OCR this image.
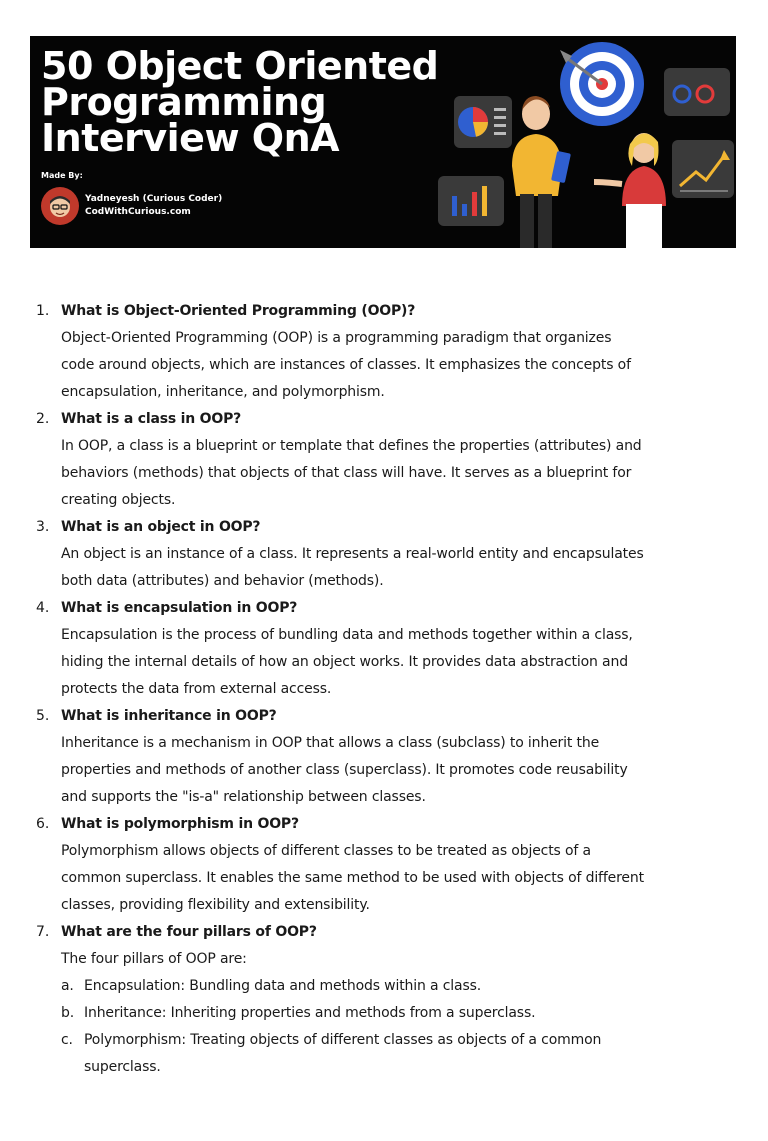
50 Object Oriented
Programming
Interview QnA
Made By:
Yadneyesh (Curious Coder)
CodWithCurious.com
1. What is Object-Oriented Programming (OOP)?
Object-Oriented Programming (OOP) is a programming paradigm that organizes
code around objects, which are instances of classes. It emphasizes the concepts of
encapsulation, inheritance, and polymorphism.
2. What is a class in OOP?
In OOP, a class is a blueprint or template that defines the properties (attributes) and
behaviors (methods) that objects of that class will have. It serves as a blueprint for
creating objects.
3. What is an object in OOP?
An object is an instance of a class. It represents a real-world entity and encapsulates
both data (attributes) and behavior (methods).
4. What is encapsulation in OOP?
Encapsulation is the process of bundling data and methods together within a class,
hiding the internal details of how an object works. It provides data abstraction and
protects the data from external access.
5. What is inheritance in OOP?
Inheritance is a mechanism in OOP that allows a class (subclass) to inherit the
properties and methods of another class (superclass). It promotes code reusability
and supports the "is-a" relationship between classes.
6. What is polymorphism in OOP?
Polymorphism allows objects of different classes to be treated as objects of a
common superclass. It enables the same method to be used with objects of different
classes, providing flexibility and extensibility.
7. What are the four pillars of OOP?
The four pillars of OOP are:
a. Encapsulation: Bundling data and methods within a class.
b. Inheritance: Inheriting properties and methods from a superclass.
c. Polymorphism: Treating objects of different classes as objects of a common
superclass.
